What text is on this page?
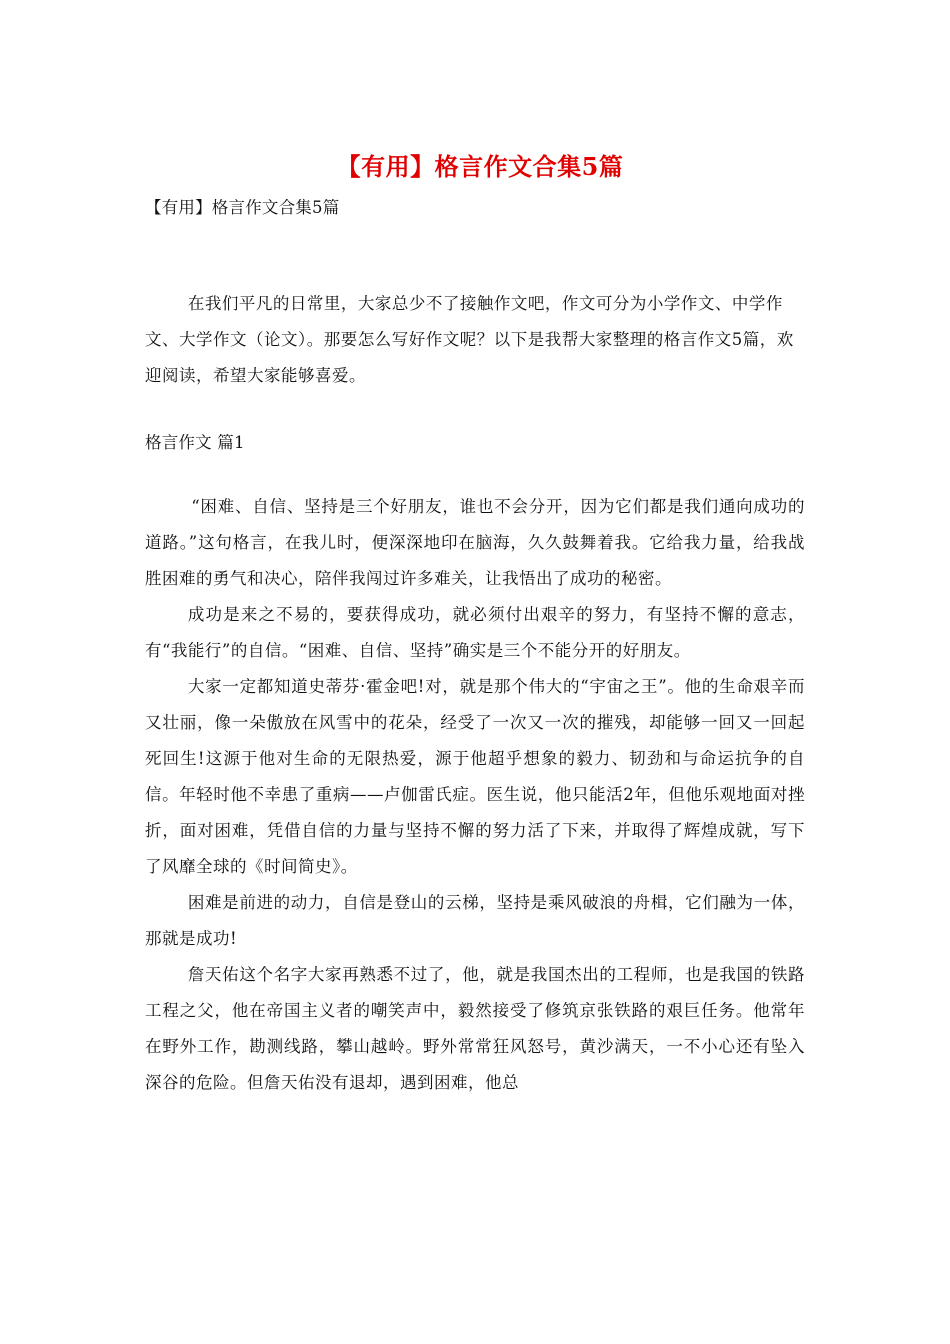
【有用】格言作文合集5篇
【有用】格言作文合集5篇

在我们平凡的日常里，大家总少不了接触作文吧，作文可分为小学作文、中学作文、大学作文（论文）。那要怎么写好作文呢？以下是我帮大家整理的格言作文5篇，欢迎阅读，希望大家能够喜爱。

格言作文 篇1

“困难、自信、坚持是三个好朋友，谁也不会分开，因为它们都是我们通向成功的道路。”这句格言，在我儿时，便深深地印在脑海，久久鼓舞着我。它给我力量，给我战胜困难的勇气和决心，陪伴我闯过许多难关，让我悟出了成功的秘密。

成功是来之不易的，要获得成功，就必须付出艰辛的努力，有坚持不懈的意志，有“我能行”的自信。“困难、自信、坚持”确实是三个不能分开的好朋友。

大家一定都知道史蒂芬·霍金吧!对，就是那个伟大的“宇宙之王”。他的生命艰辛而又壮丽，像一朵傲放在风雪中的花朵，经受了一次又一次的摧残，却能够一回又一回起死回生!这源于他对生命的无限热爱，源于他超乎想象的毅力、韧劲和与命运抗争的自信。年轻时他不幸患了重病——卢伽雷氏症。医生说，他只能活2年，但他乐观地面对挫折，面对困难，凭借自信的力量与坚持不懈的努力活了下来，并取得了辉煌成就，写下了风靡全球的《时间简史》。

困难是前进的动力，自信是登山的云梯，坚持是乘风破浪的舟楫，它们融为一体，那就是成功!

詹天佑这个名字大家再熟悉不过了，他，就是我国杰出的工程师，也是我国的铁路工程之父，他在帝国主义者的嘲笑声中，毅然接受了修筑京张铁路的艰巨任务。他常年在野外工作，勘测线路，攀山越岭。野外常常狂风怒号，黄沙满天，一不小心还有坠入深谷的危险。但詹天佑没有退却，遇到困难，他总
